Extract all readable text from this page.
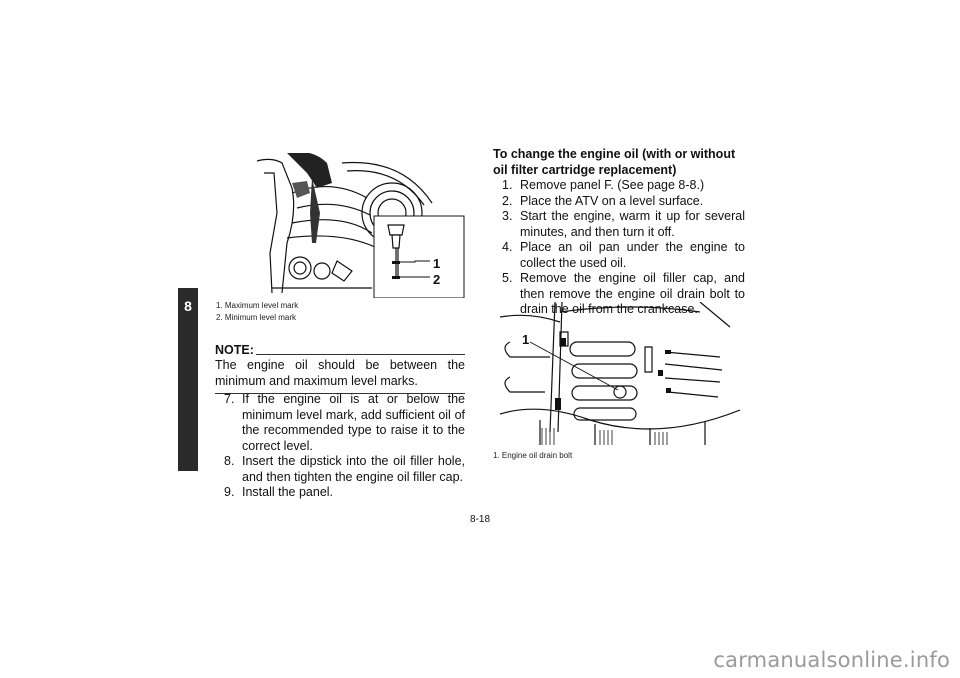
8
1
2
1. Maximum level mark
2. Minimum level mark
NOTE:

The engine oil should be between the minimum and maximum level marks.

7. If the engine oil is at or below the minimum level mark, add sufficient oil of the recommended type to raise it to the correct level.
8. Insert the dipstick into the oil filler hole, and then tighten the engine oil filler cap.
9. Install the panel.

To change the engine oil (with or without oil filter cartridge replacement)

1. Remove panel F. (See page 8-8.)
2. Place the ATV on a level surface.
3. Start the engine, warm it up for several minutes, and then turn it off.
4. Place an oil pan under the engine to collect the used oil.
5. Remove the engine oil filler cap, and then remove the engine oil drain bolt to drain the oil from the crankcase.
1
1. Engine oil drain bolt
8-18
carmanualsonline.info
